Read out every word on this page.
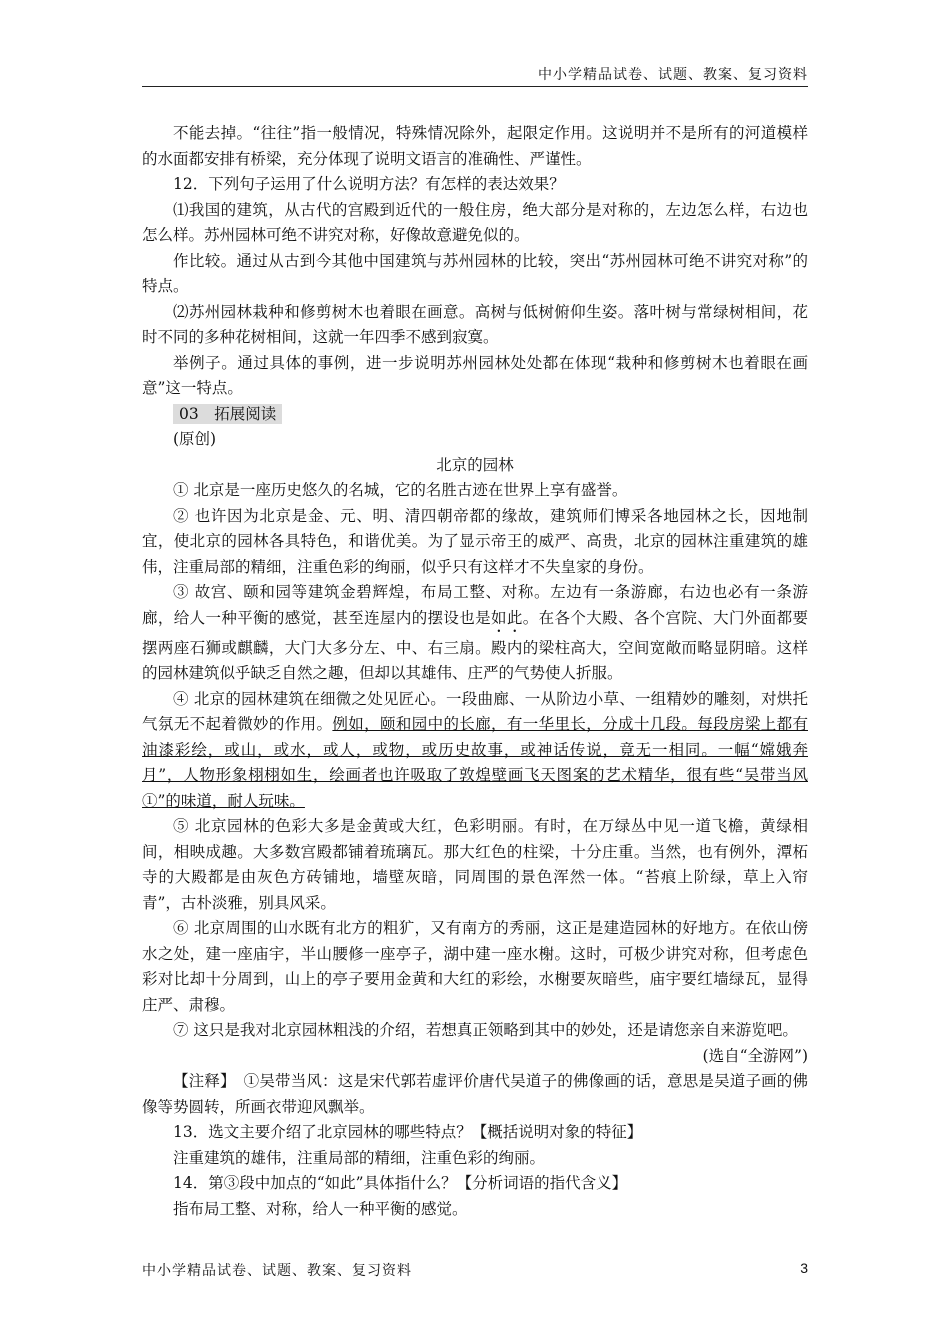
中小学精品试卷、试题、教案、复习资料

不能去掉。“往往”指一般情况，特殊情况除外，起限定作用。这说明并不是所有的河道模样的水面都安排有桥梁，充分体现了说明文语言的准确性、严谨性。

12．下列句子运用了什么说明方法？有怎样的表达效果？

⑴我国的建筑，从古代的宫殿到近代的一般住房，绝大部分是对称的，左边怎么样，右边也怎么样。苏州园林可绝不讲究对称，好像故意避免似的。

作比较。通过从古到今其他中国建筑与苏州园林的比较，突出“苏州园林可绝不讲究对称”的特点。

⑵苏州园林栽种和修剪树木也着眼在画意。高树与低树俯仰生姿。落叶树与常绿树相间，花时不同的多种花树相间，这就一年四季不感到寂寞。

举例子。通过具体的事例，进一步说明苏州园林处处都在体现“栽种和修剪树木也着眼在画意”这一特点。

03　拓展阅读

(原创)

北京的园林

① 北京是一座历史悠久的名城，它的名胜古迹在世界上享有盛誉。

② 也许因为北京是金、元、明、清四朝帝都的缘故，建筑师们博采各地园林之长，因地制宜，使北京的园林各具特色，和谐优美。为了显示帝王的威严、高贵，北京的园林注重建筑的雄伟，注重局部的精细，注重色彩的绚丽，似乎只有这样才不失皇家的身份。

③ 故宫、颐和园等建筑金碧辉煌，布局工整、对称。左边有一条游廊，右边也必有一条游廊，给人一种平衡的感觉，甚至连屋内的摆设也是如此。在各个大殿、各个宫院、大门外面都要摆两座石狮或麒麟，大门大多分左、中、右三扇。殿内的梁柱高大，空间宽敞而略显阴暗。这样的园林建筑似乎缺乏自然之趣，但却以其雄伟、庄严的气势使人折服。

④ 北京的园林建筑在细微之处见匠心。一段曲廊、一从阶边小草、一组精妙的雕刻，对烘托气氛无不起着微妙的作用。例如，颐和园中的长廊，有一华里长，分成十几段。每段房梁上都有油漆彩绘，或山，或水，或人，或物，或历史故事，或神话传说，竟无一相同。一幅“嫦娥奔月”，人物形象栩栩如生，绘画者也许吸取了敦煌壁画飞天图案的艺术精华，很有些“吴带当风①”的味道，耐人玩味。

⑤ 北京园林的色彩大多是金黄或大红，色彩明丽。有时，在万绿丛中见一道飞檐，黄绿相间，相映成趣。大多数宫殿都铺着琉璃瓦。那大红色的柱梁，十分庄重。当然，也有例外，潭柘寺的大殿都是由灰色方砖铺地，墙壁灰暗，同周围的景色浑然一体。“苔痕上阶绿，草上入帘青”，古朴淡雅，别具风采。

⑥ 北京周围的山水既有北方的粗犷，又有南方的秀丽，这正是建造园林的好地方。在依山傍水之处，建一座庙宇，半山腰修一座亭子，湖中建一座水榭。这时，可极少讲究对称，但考虑色彩对比却十分周到，山上的亭子要用金黄和大红的彩绘，水榭要灰暗些，庙宇要红墙绿瓦，显得庄严、肃穆。

⑦ 这只是我对北京园林粗浅的介绍，若想真正领略到其中的妙处，还是请您亲自来游览吧。

(选自“全游网”)

【注释】　①吴带当风：这是宋代郭若虚评价唐代吴道子的佛像画的话，意思是吴道子画的佛像等势圆转，所画衣带迎风飘举。

13．选文主要介绍了北京园林的哪些特点？【概括说明对象的特征】

注重建筑的雄伟，注重局部的精细，注重色彩的绚丽。

14．第③段中加点的“如此”具体指什么？【分析词语的指代含义】

指布局工整、对称，给人一种平衡的感觉。

中小学精品试卷、试题、教案、复习资料	3
